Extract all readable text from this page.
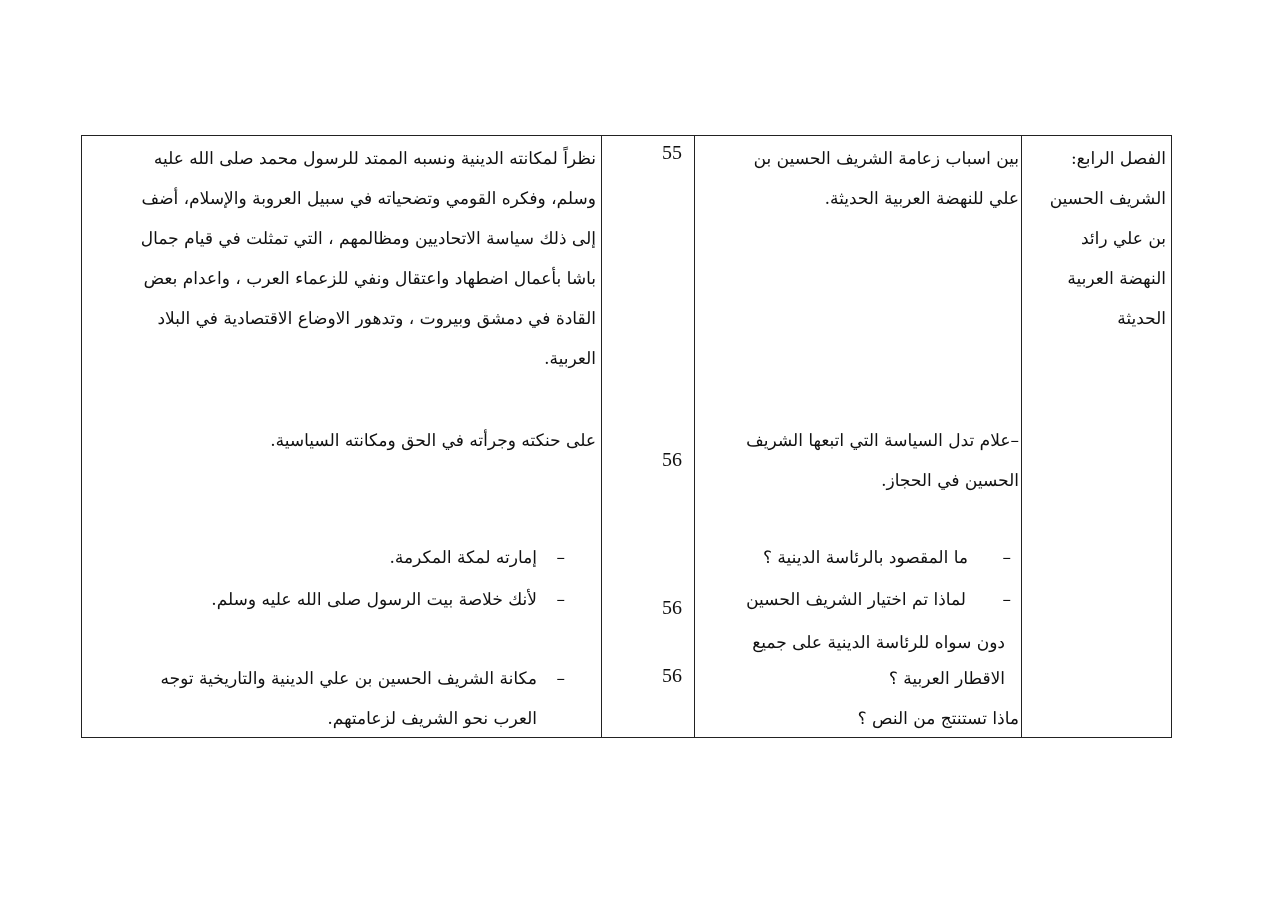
الفصل الرابع:
الشريف الحسين
بن علي رائد
النهضة العربية
الحديثة
بين اسباب زعامة الشريف الحسين بن
علي للنهضة العربية الحديثة.
–علام تدل السياسة التي اتبعها الشريف
الحسين في الحجاز.
–
ما المقصود بالرئاسة الدينية ؟
–
لماذا تم اختيار الشريف الحسين
دون سواه للرئاسة الدينية على جميع
الاقطار العربية ؟
ماذا تستنتج من النص ؟
55
56
56
56
نظراً لمكانته الدينية ونسبه الممتد للرسول محمد صلى الله عليه
وسلم، وفكره القومي وتضحياته في سبيل العروبة والإسلام، أضف
إلى ذلك سياسة الاتحاديين ومظالمهم ، التي تمثلت في قيام جمال
باشا بأعمال اضطهاد واعتقال ونفي للزعماء العرب ، واعدام بعض
القادة في دمشق وبيروت ، وتدهور الاوضاع الاقتصادية في البلاد
العربية.
على حنكته وجرأته في الحق ومكانته السياسية.
–
إمارته لمكة المكرمة.
–
لأنك خلاصة بيت الرسول صلى الله عليه وسلم.
–
مكانة الشريف الحسين بن علي الدينية والتاريخية توجه
العرب نحو الشريف لزعامتهم.
